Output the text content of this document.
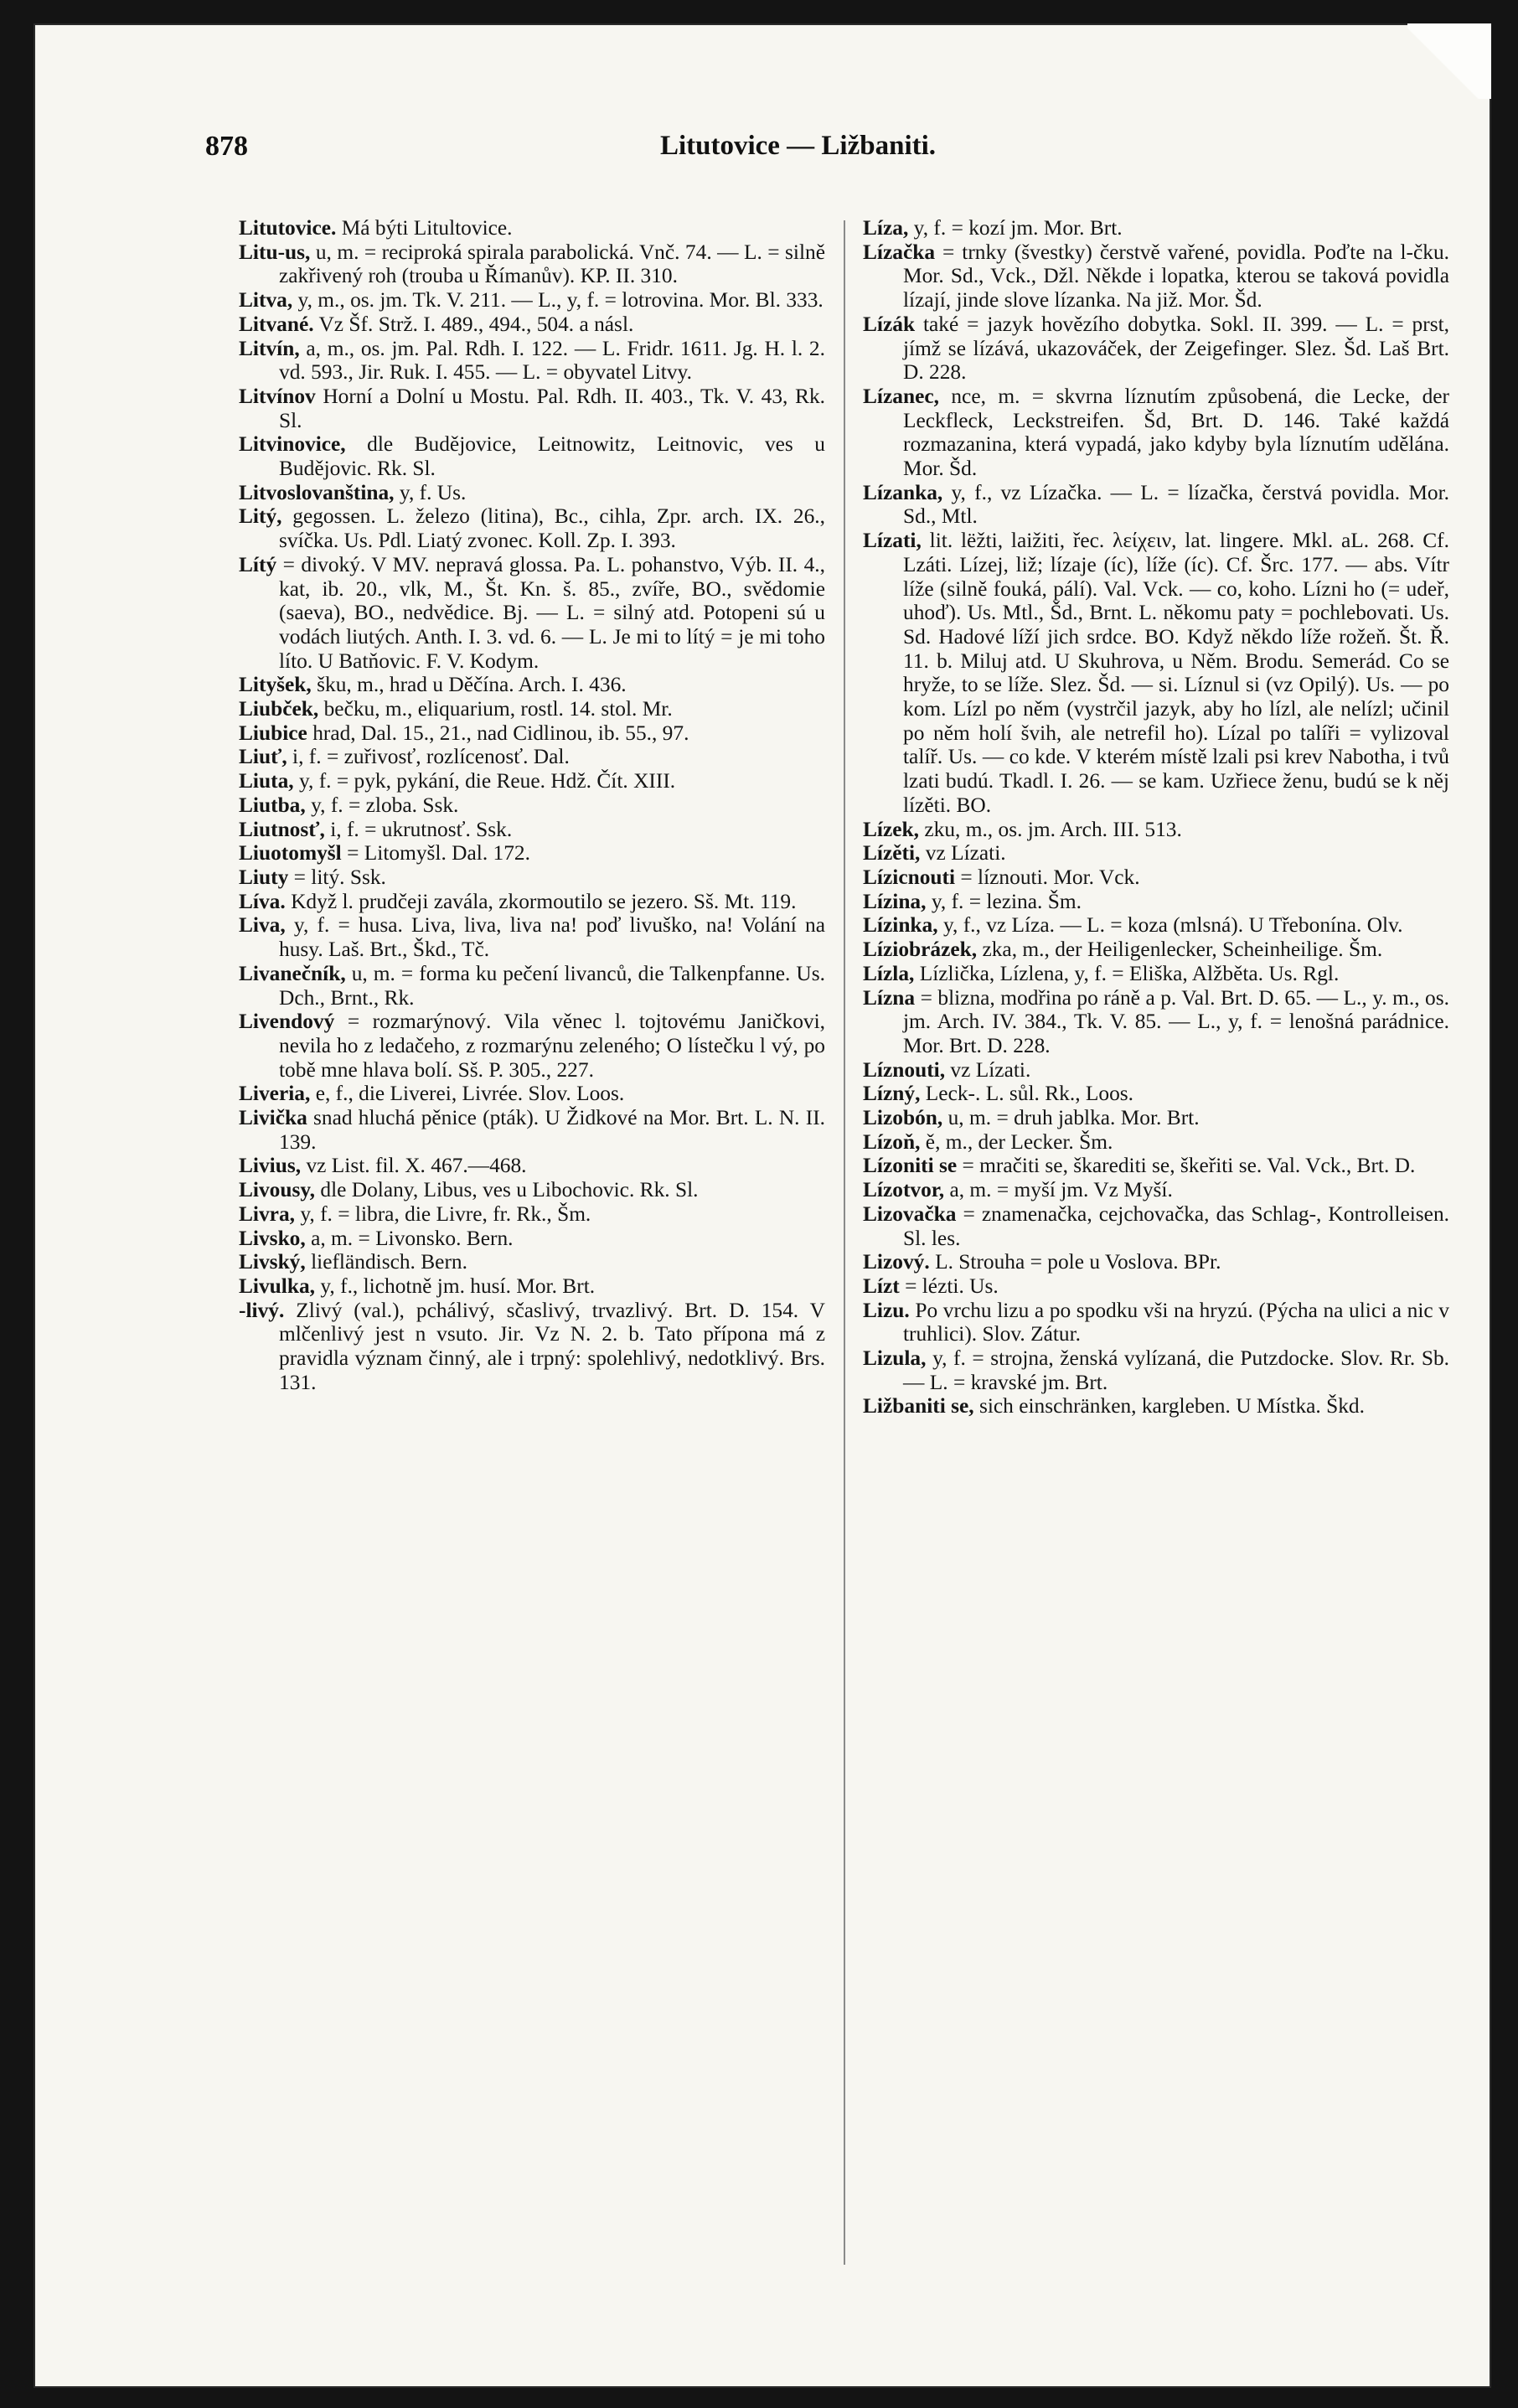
878	Litutovice — Ližbaniti.

Litutovice. Má býti Litultovice.

Litu-us, u, m. = reciproká spirala parabolická. Vnč. 74. — L. = silně zakřivený roh (trouba u Římanův). KP. II. 310.

Litva, y, m., os. jm. Tk. V. 211. — L., y, f. = lotrovina. Mor. Bl. 333.

Litvané. Vz Šf. Strž. I. 489., 494., 504. a násl.

Litvín, a, m., os. jm. Pal. Rdh. I. 122. — L. Fridr. 1611. Jg. H. l. 2. vd. 593., Jir. Ruk. I. 455. — L. = obyvatel Litvy.

Litvínov Horní a Dolní u Mostu. Pal. Rdh. II. 403., Tk. V. 43, Rk. Sl.

Litvinovice, dle Budějovice, Leitnowitz, Leitnovic, ves u Budějovic. Rk. Sl.

Litvoslovanština, y, f. Us.

Litý, gegossen. L. železo (litina), Bc., cihla, Zpr. arch. IX. 26., svíčka. Us. Pdl. Liatý zvonec. Koll. Zp. I. 393.

Lítý = divoký. V MV. nepravá glossa. Pa. L. pohanstvo, Výb. II. 4., kat, ib. 20., vlk, M., Št. Kn. š. 85., zvíře, BO., svědomie (saeva), BO., nedvědice. Bj. — L. = silný atd. Potopeni sú u vodách liutých. Anth. I. 3. vd. 6. — L. Je mi to lítý = je mi toho líto. U Batňovic. F. V. Kodym.

Lityšek, šku, m., hrad u Děčína. Arch. I. 436.

Liubček, bečku, m., eliquarium, rostl. 14. stol. Mr.

Liubice hrad, Dal. 15., 21., nad Cidlinou, ib. 55., 97.

Liuť, i, f. = zuřivosť, rozlícenosť. Dal.

Liuta, y, f. = pyk, pykání, die Reue. Hdž. Čít. XIII.

Liutba, y, f. = zloba. Ssk.

Liutnosť, i, f. = ukrutnosť. Ssk.

Liuotomyšl = Litomyšl. Dal. 172.

Liuty = litý. Ssk.

Líva. Když l. prudčeji zavála, zkormoutilo se jezero. Sš. Mt. 119.

Liva, y, f. = husa. Liva, liva, liva na! poď livuško, na! Volání na husy. Laš. Brt., Škd., Tč.

Livanečník, u, m. = forma ku pečení livanců, die Talkenpfanne. Us. Dch., Brnt., Rk.

Livendový = rozmarýnový. Vila věnec l. tojtovému Janičkovi, nevila ho z ledačeho, z rozmarýnu zeleného; O lístečku l vý, po tobě mne hlava bolí. Sš. P. 305., 227.

Liveria, e, f., die Liverei, Livrée. Slov. Loos.

Livička snad hluchá pěnice (pták). U Židkové na Mor. Brt. L. N. II. 139.

Livius, vz List. fil. X. 467.—468.

Livousy, dle Dolany, Libus, ves u Libochovic. Rk. Sl.

Livra, y, f. = libra, die Livre, fr. Rk., Šm.

Livsko, a, m. = Livonsko. Bern.

Livský, liefländisch. Bern.

Livulka, y, f., lichotně jm. husí. Mor. Brt.

-livý. Zlivý (val.), pchálivý, sčaslivý, trvazlivý. Brt. D. 154. V mlčenlivý jest n vsuto. Jir. Vz N. 2. b. Tato přípona má z pravidla význam činný, ale i trpný: spolehlivý, nedotklivý. Brs. 131.

Líza, y, f. = kozí jm. Mor. Brt.

Lízačka = trnky (švestky) čerstvě vařené, povidla. Poďte na l-čku. Mor. Sd., Vck., Džl. Někde i lopatka, kterou se taková povidla lízají, jinde slove lízanka. Na již. Mor. Šd.

Lízák také = jazyk hovězího dobytka. Sokl. II. 399. — L. = prst, jímž se lízává, ukazováček, der Zeigefinger. Slez. Šd. Laš Brt. D. 228.

Lízanec, nce, m. = skvrna líznutím způsobená, die Lecke, der Leckfleck, Leckstreifen. Šd, Brt. D. 146. Také každá rozmazanina, která vypadá, jako kdyby byla líznutím udělána. Mor. Šd.

Lízanka, y, f., vz Lízačka. — L. = lízačka, čerstvá povidla. Mor. Sd., Mtl.

Lízati, lit. lëžti, laižiti, řec. λείχειν, lat. lingere. Mkl. aL. 268. Cf. Lzáti. Lízej, liž; lízaje (íc), líže (íc). Cf. Šrc. 177. — abs. Vítr líže (silně fouká, pálí). Val. Vck. — co, koho. Lízni ho (= udeř, uhoď). Us. Mtl., Šd., Brnt. L. někomu paty = pochlebovati. Us. Sd. Hadové líží jich srdce. BO. Když někdo líže rožeň. Št. Ř. 11. b. Miluj atd. U Skuhrova, u Něm. Brodu. Semerád. Co se hryže, to se líže. Slez. Šd. — si. Líznul si (vz Opilý). Us. — po kom. Lízl po něm (vystrčil jazyk, aby ho lízl, ale nelízl; učinil po něm holí švih, ale netrefil ho). Lízal po talíři = vylizoval talíř. Us. — co kde. V kterém místě lzali psi krev Nabotha, i tvů lzati budú. Tkadl. I. 26. — se kam. Uzřiece ženu, budú se k něj lízěti. BO.

Lízek, zku, m., os. jm. Arch. III. 513.

Lízěti, vz Lízati.

Lízicnouti = líznouti. Mor. Vck.

Lízina, y, f. = lezina. Šm.

Lízinka, y, f., vz Líza. — L. = koza (mlsná). U Třebonína. Olv.

Líziobrázek, zka, m., der Heiligenlecker, Scheinheilige. Šm.

Lízla, Lízlička, Lízlena, y, f. = Eliška, Alžběta. Us. Rgl.

Lízna = blizna, modřina po ráně a p. Val. Brt. D. 65. — L., y. m., os. jm. Arch. IV. 384., Tk. V. 85. — L., y, f. = lenošná parádnice. Mor. Brt. D. 228.

Líznouti, vz Lízati.

Lízný, Leck-. L. sůl. Rk., Loos.

Lizobón, u, m. = druh jablka. Mor. Brt.

Lízoň, ě, m., der Lecker. Šm.

Lízoniti se = mračiti se, škarediti se, škeřiti se. Val. Vck., Brt. D.

Lízotvor, a, m. = myší jm. Vz Myší.

Lizovačka = znamenačka, cejchovačka, das Schlag-, Kontrolleisen. Sl. les.

Lizový. L. Strouha = pole u Voslova. BPr.

Lízt = lézti. Us.

Lizu. Po vrchu lizu a po spodku vši na hryzú. (Pýcha na ulici a nic v truhlici). Slov. Zátur.

Lizula, y, f. = strojna, ženská vylízaná, die Putzdocke. Slov. Rr. Sb. — L. = kravské jm. Brt.

Ližbaniti se, sich einschränken, kargleben. U Místka. Škd.
